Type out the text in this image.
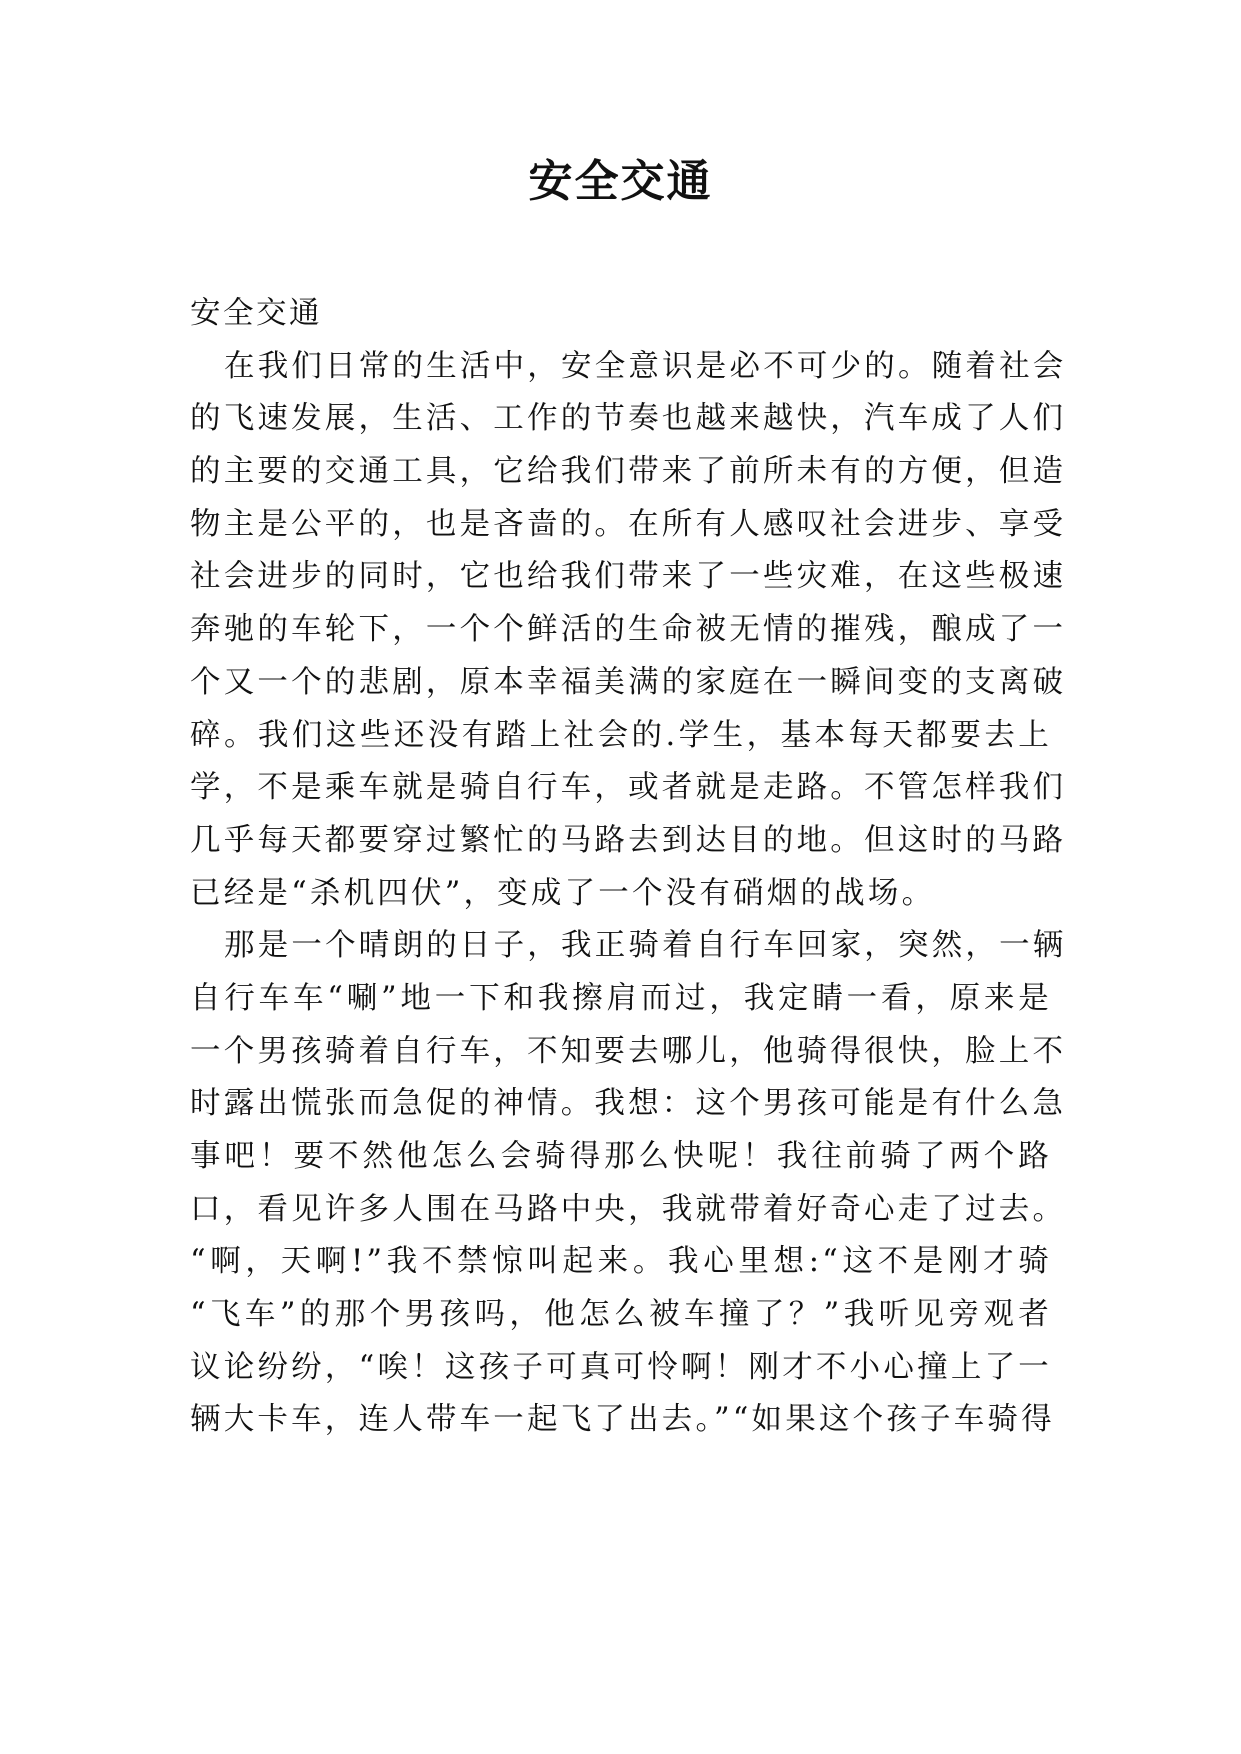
安全交通
安全交通
在我们日常的生活中，安全意识是必不可少的。随着社会
的飞速发展，生活、工作的节奏也越来越快，汽车成了人们
的主要的交通工具，它给我们带来了前所未有的方便，但造
物主是公平的，也是吝啬的。在所有人感叹社会进步、享受
社会进步的同时，它也给我们带来了一些灾难，在这些极速
奔驰的车轮下，一个个鲜活的生命被无情的摧残，酿成了一
个又一个的悲剧，原本幸福美满的家庭在一瞬间变的支离破
碎。我们这些还没有踏上社会的.学生，基本每天都要去上
学，不是乘车就是骑自行车，或者就是走路。不管怎样我们
几乎每天都要穿过繁忙的马路去到达目的地。但这时的马路
已经是“杀机四伏”，变成了一个没有硝烟的战场。
那是一个晴朗的日子，我正骑着自行车回家，突然，一辆
自行车车“唰”地一下和我擦肩而过，我定睛一看，原来是
一个男孩骑着自行车，不知要去哪儿，他骑得很快，脸上不
时露出慌张而急促的神情。我想：这个男孩可能是有什么急
事吧！要不然他怎么会骑得那么快呢！我往前骑了两个路
口，看见许多人围在马路中央，我就带着好奇心走了过去。
“啊，天啊!”我不禁惊叫起来。我心里想:“这不是刚才骑
“飞车”的那个男孩吗，他怎么被车撞了？”我听见旁观者
议论纷纷，“唉！这孩子可真可怜啊！刚才不小心撞上了一
辆大卡车，连人带车一起飞了出去。”“如果这个孩子车骑得
